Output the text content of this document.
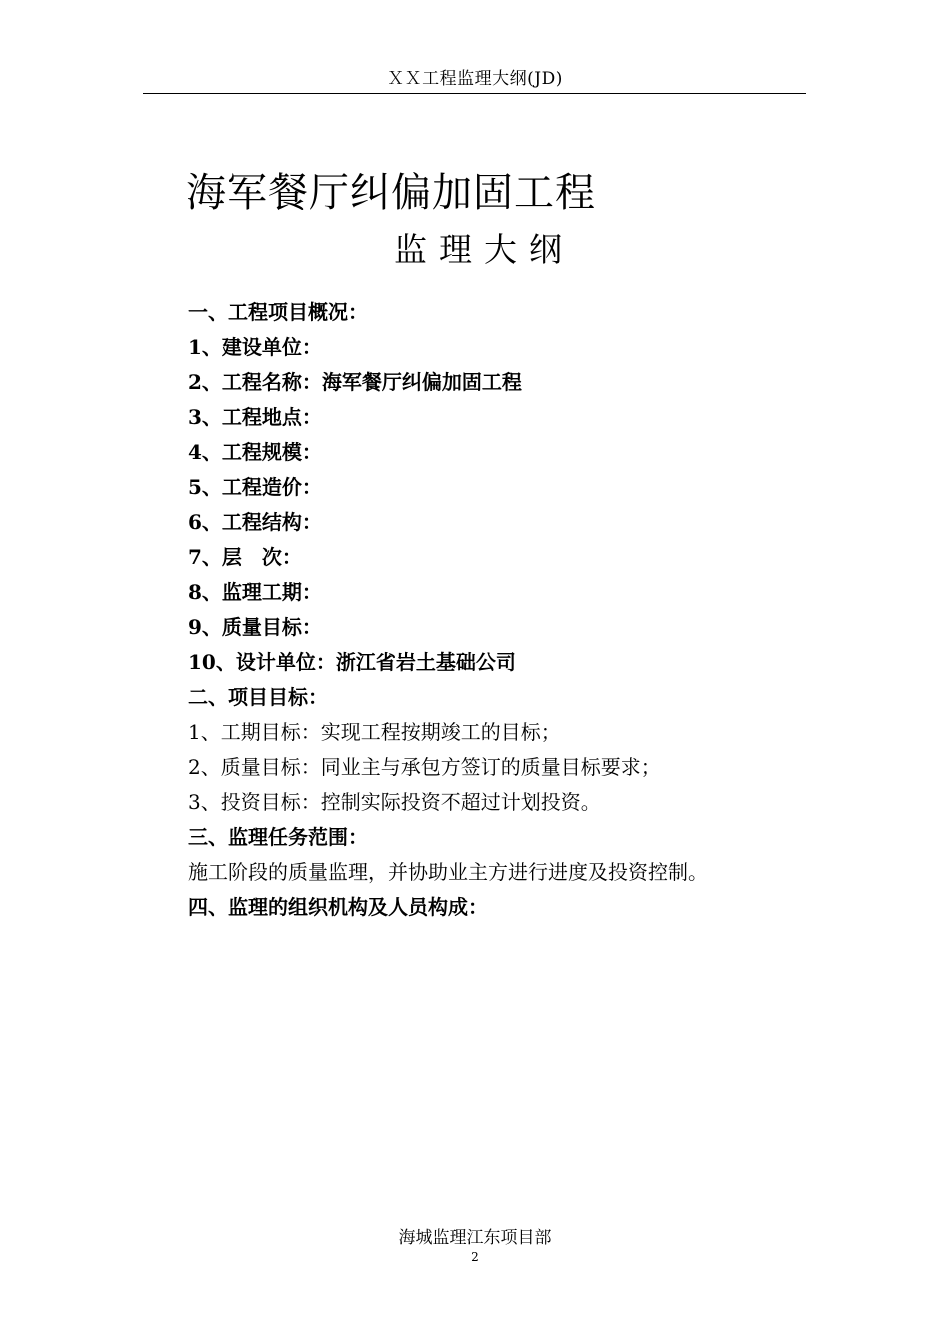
ＸＸ工程监理大纲(JD)
海军餐厅纠偏加固工程
监理大纲
一、工程项目概况：
1、建设单位：
2、工程名称：海军餐厅纠偏加固工程
3、工程地点：
4、工程规模：
5、工程造价：
6、工程结构：
7、层　次：
8、监理工期：
9、质量目标：
10、设计单位：浙江省岩土基础公司
二、项目目标：
1、工期目标：实现工程按期竣工的目标；
2、质量目标：同业主与承包方签订的质量目标要求；
3、投资目标：控制实际投资不超过计划投资。
三、监理任务范围：
施工阶段的质量监理，并协助业主方进行进度及投资控制。
四、监理的组织机构及人员构成：
海城监理江东项目部
2
